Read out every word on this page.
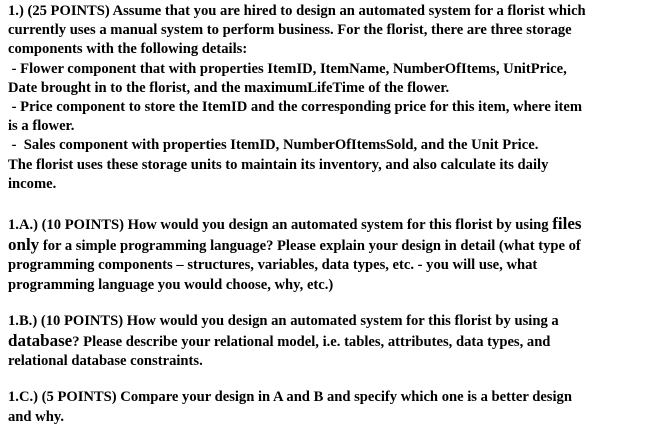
1.) (25 POINTS) Assume that you are hired to design an automated system for a florist which
currently uses a manual system to perform business. For the florist, there are three storage
components with the following details:
- Flower component that with properties ItemID, ItemName, NumberOfItems, UnitPrice,
Date brought in to the florist, and the maximumLifeTime of the flower.
- Price component to store the ItemID and the corresponding price for this item, where item
is a flower.
-  Sales component with properties ItemID, NumberOfItemsSold, and the Unit Price.
The florist uses these storage units to maintain its inventory, and also calculate its daily
income.
1.A.) (10 POINTS) How would you design an automated system for this florist by using files
only for a simple programming language? Please explain your design in detail (what type of
programming components – structures, variables, data types, etc. - you will use, what
programming language you would choose, why, etc.)
1.B.) (10 POINTS) How would you design an automated system for this florist by using a
database? Please describe your relational model, i.e. tables, attributes, data types, and
relational database constraints.
1.C.) (5 POINTS) Compare your design in A and B and specify which one is a better design
and why.
